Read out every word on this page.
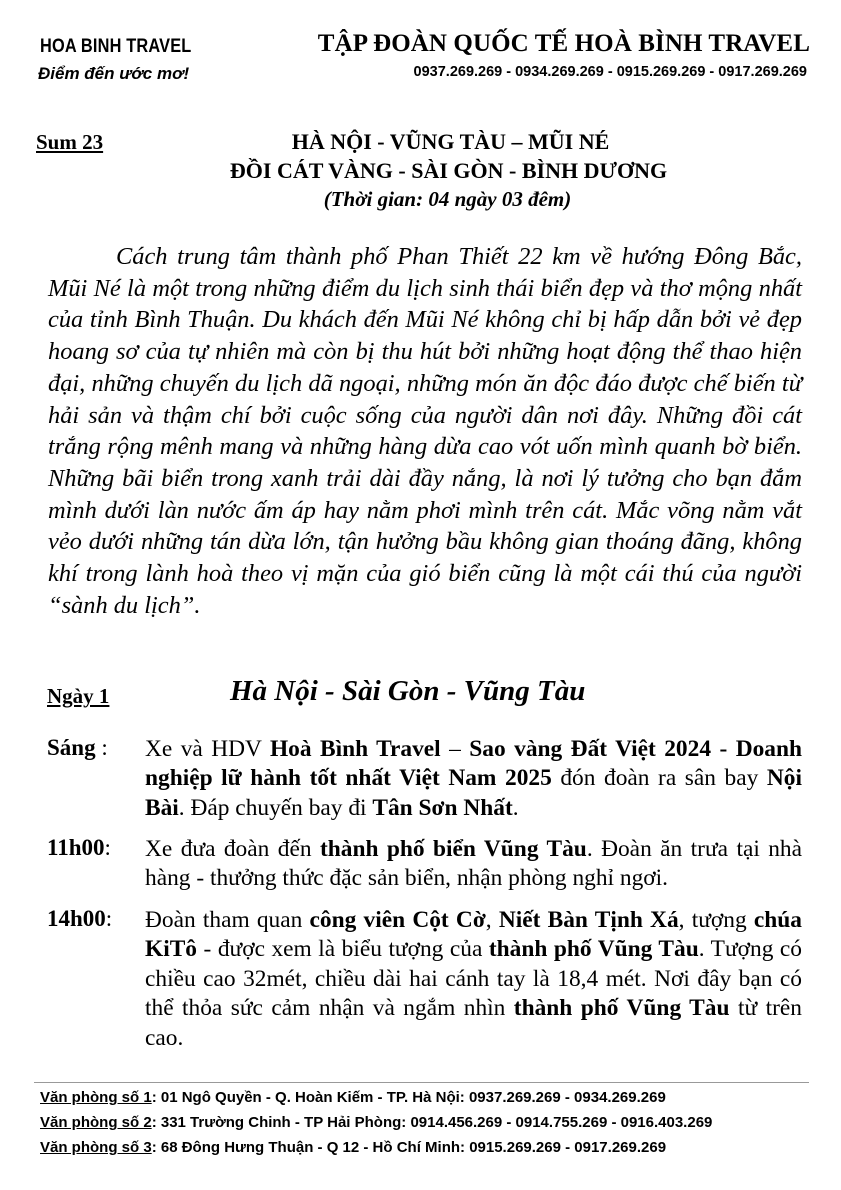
HOA BINH TRAVEL
Điểm đến ước mơ!
TẬP ĐOÀN QUỐC TẾ HOÀ BÌNH TRAVEL
0937.269.269 - 0934.269.269 - 0915.269.269 - 0917.269.269
Sum 23	HÀ NỘI - VŨNG TÀU – MŨI NÉ
ĐỒI CÁT VÀNG - SÀI GÒN - BÌNH DƯƠNG
(Thời gian: 04 ngày 03 đêm)
Cách trung tâm thành phố Phan Thiết 22 km về hướng Đông Bắc, Mũi Né là một trong những điểm du lịch sinh thái biển đẹp và thơ mộng nhất của tỉnh Bình Thuận. Du khách đến Mũi Né không chỉ bị hấp dẫn bởi vẻ đẹp hoang sơ của tự nhiên mà còn bị thu hút bởi những hoạt động thể thao hiện đại, những chuyến du lịch dã ngoại, những món ăn độc đáo được chế biến từ hải sản và thậm chí bởi cuộc sống của người dân nơi đây. Những đồi cát trắng rộng mênh mang và những hàng dừa cao vót uốn mình quanh bờ biển. Những bãi biển trong xanh trải dài đầy nắng, là nơi lý tưởng cho bạn đắm mình dưới làn nước ấm áp hay nằm phơi mình trên cát. Mắc võng nằm vắt vẻo dưới những tán dừa lớn, tận hưởng bầu không gian thoáng đãng, không khí trong lành hoà theo vị mặn của gió biển cũng là một cái thú của người “sành du lịch”.
Ngày 1	Hà Nội - Sài Gòn - Vũng Tàu
Sáng : Xe và HDV Hoà Bình Travel – Sao vàng Đất Việt 2024 - Doanh nghiệp lữ hành tốt nhất Việt Nam 2025 đón đoàn ra sân bay Nội Bài. Đáp chuyến bay đi Tân Sơn Nhất.
11h00: Xe đưa đoàn đến thành phố biển Vũng Tàu. Đoàn ăn trưa tại nhà hàng - thưởng thức đặc sản biển, nhận phòng nghỉ ngơi.
14h00: Đoàn tham quan công viên Cột Cờ, Niết Bàn Tịnh Xá, tượng chúa KiTô - được xem là biểu tượng của thành phố Vũng Tàu. Tượng có chiều cao 32mét, chiều dài hai cánh tay là 18,4 mét. Nơi đây bạn có thể thỏa sức cảm nhận và ngắm nhìn thành phố Vũng Tàu từ trên cao.
Văn phòng số 1: 01 Ngô Quyền - Q. Hoàn Kiếm - TP. Hà Nội: 0937.269.269 - 0934.269.269
Văn phòng số 2: 331 Trường Chinh - TP Hải Phòng: 0914.456.269 - 0914.755.269 - 0916.403.269
Văn phòng số 3: 68 Đông Hưng Thuận - Q 12 - Hồ Chí Minh: 0915.269.269 - 0917.269.269
